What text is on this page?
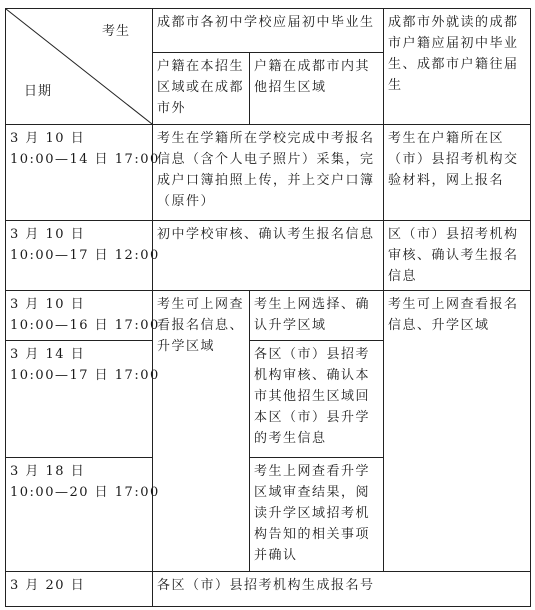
考生
日期	成都市各初中学校应届初中毕业生		成都市外就读的成都市户籍应届初中毕业生、成都市户籍往届生
	户籍在本招生区域或在成都市外	户籍在成都市内其他招生区域	

3 月 10 日
10:00—14 日 17:00	考生在学籍所在学校完成中考报名信息（含个人电子照片）采集，完成户口簿拍照上传，并上交户口簿（原件）		考生在户籍所在区（市）县招考机构交验材料，网上报名

3 月 10 日
10:00—17 日 12:00	初中学校审核、确认考生报名信息		区（市）县招考机构审核、确认考生报名信息

3 月 10 日
10:00—16 日 17:00	考生可上网查看报名信息、升学区域	考生上网选择、确认升学区域	考生可上网查看报名信息、升学区域

3 月 14 日
10:00—17 日 17:00		各区（市）县招考机构审核、确认本市其他招生区域回本区（市）县升学的考生信息	

3 月 18 日
10:00—20 日 17:00		考生上网查看升学区域审查结果，阅读升学区域招考机构告知的相关事项并确认	

3 月 20 日	各区（市）县招考机构生成报名号		
